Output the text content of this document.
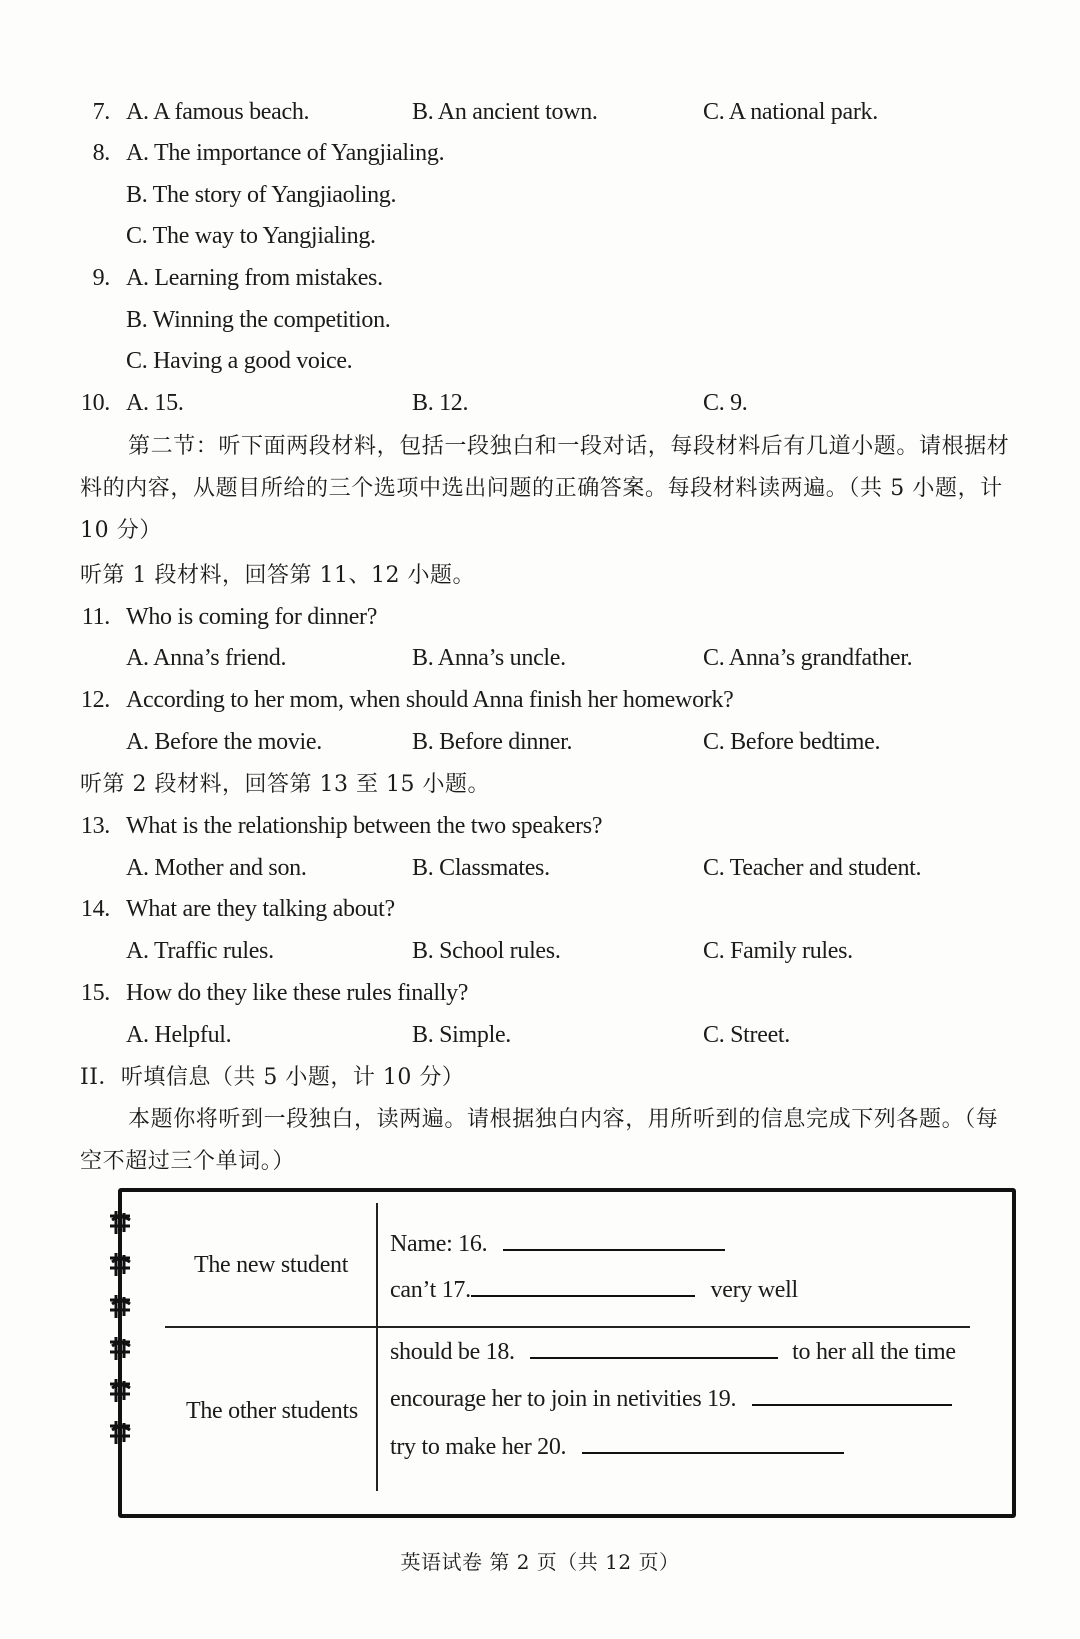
7. A. A famous beach.	B. An ancient town.	C. A national park.
8. A. The importance of Yangjialing.
B. The story of Yangjiaoling.
C. The way to Yangjialing.
9. A. Learning from mistakes.
B. Winning the competition.
C. Having a good voice.
10. A. 15.	B. 12.	C. 9.
第二节：听下面两段材料，包括一段独白和一段对话，每段材料后有几道小题。请根据材料的内容，从题目所给的三个选项中选出问题的正确答案。每段材料读两遍。（共 5 小题，计 10 分）
听第 1 段材料，回答第 11、12 小题。
11. Who is coming for dinner?
A. Anna’s friend.	B. Anna’s uncle.	C. Anna’s grandfather.
12. According to her mom, when should Anna finish her homework?
A. Before the movie.	B. Before dinner.	C. Before bedtime.
听第 2 段材料，回答第 13 至 15 小题。
13. What is the relationship between the two speakers?
A. Mother and son.	B. Classmates.	C. Teacher and student.
14. What are they talking about?
A. Traffic rules.	B. School rules.	C. Family rules.
15. How do they like these rules finally?
A. Helpful.	B. Simple.	C. Street.
II．听填信息（共 5 小题，计 10 分）
本题你将听到一段独白，读两遍。请根据独白内容，用所听到的信息完成下列各题。（每空不超过三个单词。）
The new student
Name: 16.
can’t 17.	very well
The other students
should be 18.	to her all the time
encourage her to join in netivities 19.
try to make her 20.
英语试卷 第 2 页（共 12 页）
